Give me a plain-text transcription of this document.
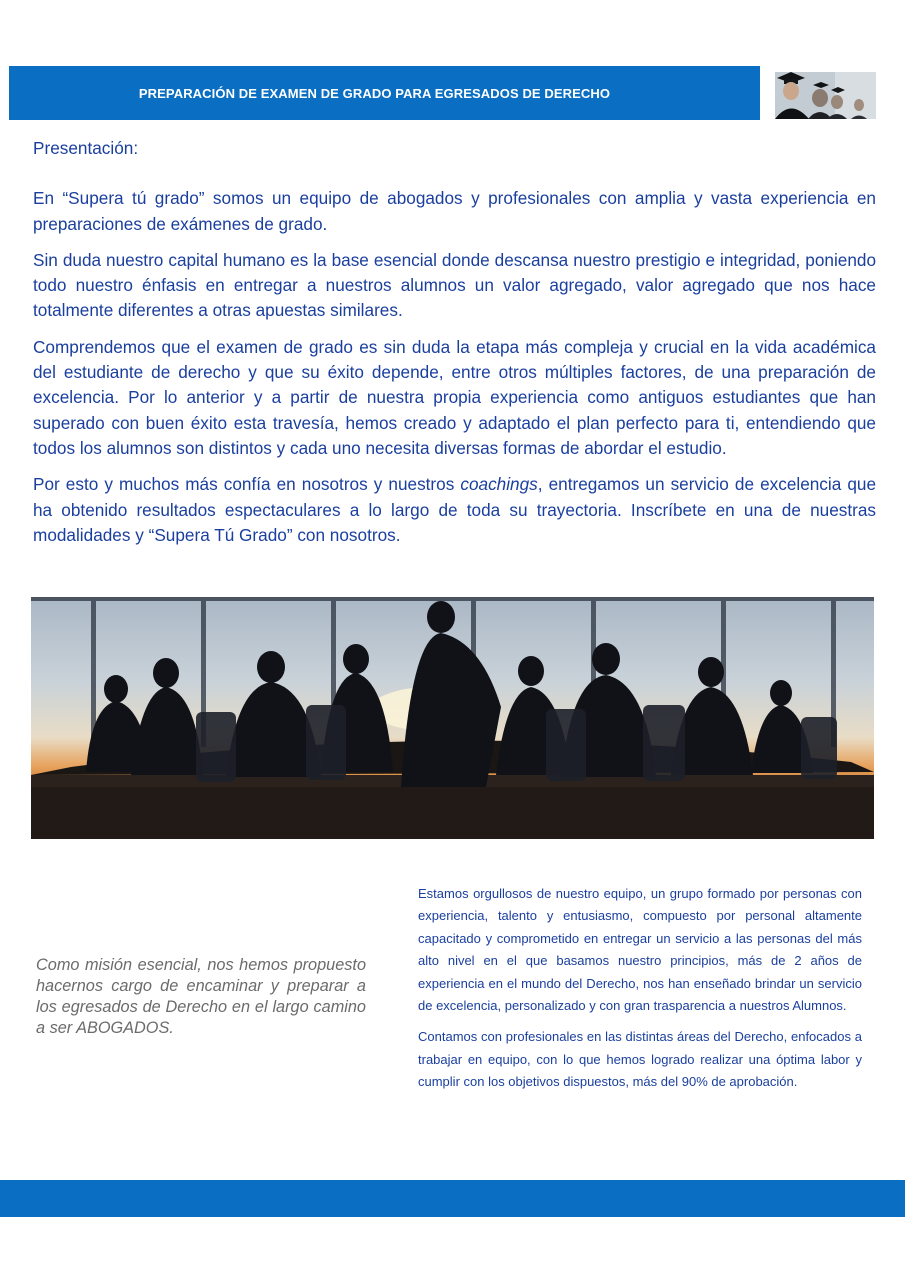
PREPARACIÓN DE EXAMEN DE GRADO PARA EGRESADOS DE DERECHO
Presentación:

En “Supera tú grado” somos un equipo de abogados y profesionales con amplia y vasta experiencia en preparaciones de exámenes de grado.

Sin duda nuestro capital humano es la base esencial donde descansa nuestro prestigio e integridad, poniendo todo nuestro énfasis en entregar a nuestros alumnos un valor agregado, valor agregado que nos hace totalmente diferentes a otras apuestas similares.

Comprendemos que el examen de grado es sin duda la etapa más compleja y crucial en la vida académica del estudiante de derecho y que su éxito depende, entre otros múltiples factores, de una preparación de excelencia. Por lo anterior y a partir de nuestra propia experiencia como antiguos estudiantes que han superado con buen éxito esta travesía, hemos creado y adaptado el plan perfecto para ti, entendiendo que todos los alumnos son distintos y cada uno necesita diversas formas de abordar el estudio.

Por esto y muchos más confía en nosotros y nuestros coachings, entregamos un servicio de excelencia que ha obtenido resultados espectaculares a lo largo de toda su trayectoria. Inscríbete en una de nuestras modalidades y “Supera Tú Grado” con nosotros.

Como misión esencial, nos hemos propuesto hacernos cargo de encaminar y preparar a los egresados de Derecho en el largo camino a ser ABOGADOS.

Estamos orgullosos de nuestro equipo, un grupo formado por personas con experiencia, talento y entusiasmo, compuesto por personal altamente capacitado y comprometido en entregar un servicio a las personas del más alto nivel en el que basamos nuestro principios, más de 2 años de experiencia en el mundo del Derecho, nos han enseñado brindar un servicio de excelencia, personalizado y con gran trasparencia a nuestros Alumnos.

Contamos con profesionales en las distintas áreas del Derecho, enfocados a trabajar en equipo, con lo que hemos logrado realizar una óptima labor y cumplir con los objetivos dispuestos, más del 90% de aprobación.
